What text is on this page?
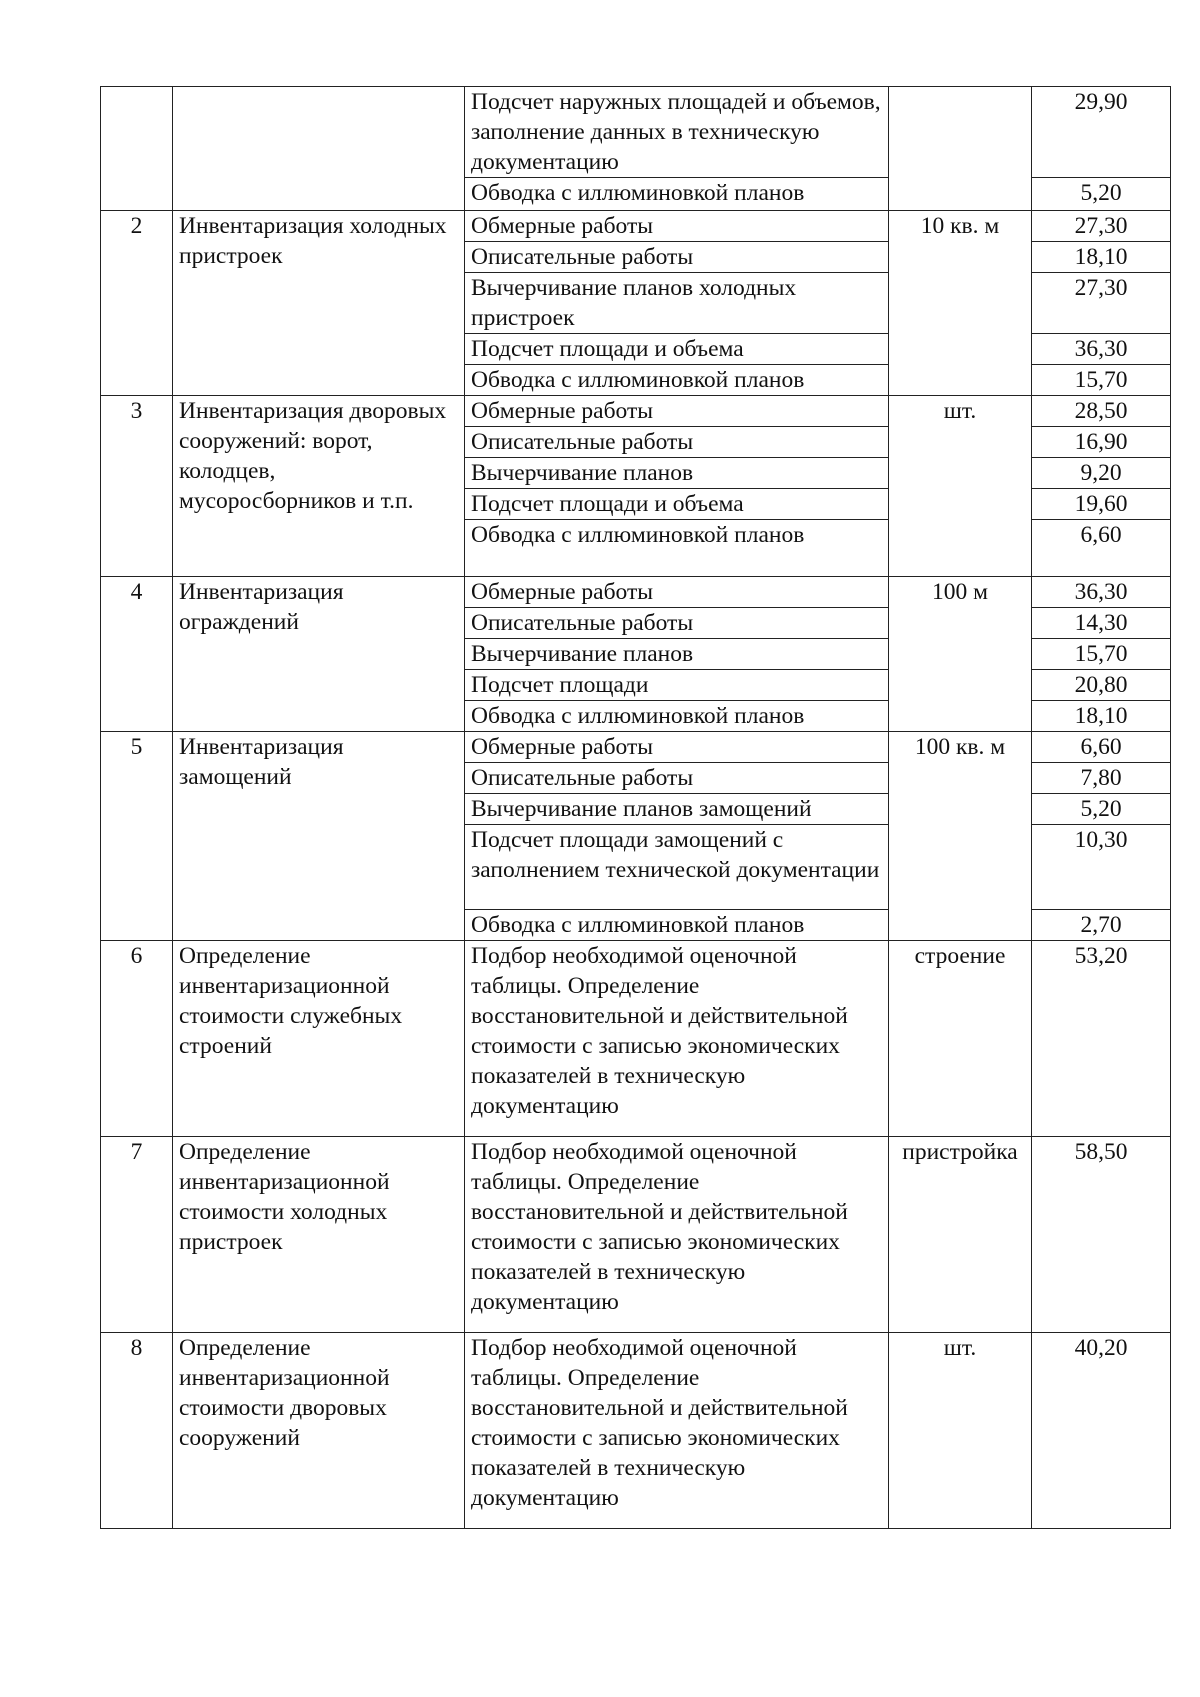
		Подсчет наружных площадей и объемов, заполнение данных в техническую документацию		29,90
		Обводка с иллюминовкой планов		5,20
2	Инвентаризация холодных пристроек	Обмерные работы	10 кв. м	27,30
		Описательные работы		18,10
		Вычерчивание планов холодных пристроек		27,30
		Подсчет площади и объема		36,30
		Обводка с иллюминовкой планов		15,70
3	Инвентаризация дворовых сооружений: ворот, колодцев, мусоросборников и т.п.	Обмерные работы	шт.	28,50
		Описательные работы		16,90
		Вычерчивание планов		9,20
		Подсчет площади и объема		19,60
		Обводка с иллюминовкой планов		6,60
4	Инвентаризация ограждений	Обмерные работы	100 м	36,30
		Описательные работы		14,30
		Вычерчивание планов		15,70
		Подсчет площади		20,80
		Обводка с иллюминовкой планов		18,10
5	Инвентаризация замощений	Обмерные работы	100 кв. м	6,60
		Описательные работы		7,80
		Вычерчивание планов замощений		5,20
		Подсчет площади замощений с заполнением технической документации		10,30
		Обводка с иллюминовкой планов		2,70
6	Определение инвентаризационной стоимости служебных строений	Подбор необходимой оценочной таблицы. Определение восстановительной и действительной стоимости с записью экономических показателей в техническую документацию	строение	53,20
7	Определение инвентаризационной стоимости холодных пристроек	Подбор необходимой оценочной таблицы. Определение восстановительной и действительной стоимости с записью экономических показателей в техническую документацию	пристройка	58,50
8	Определение инвентаризационной стоимости дворовых сооружений	Подбор необходимой оценочной таблицы. Определение восстановительной и действительной стоимости с записью экономических показателей в техническую документацию	шт.	40,20
